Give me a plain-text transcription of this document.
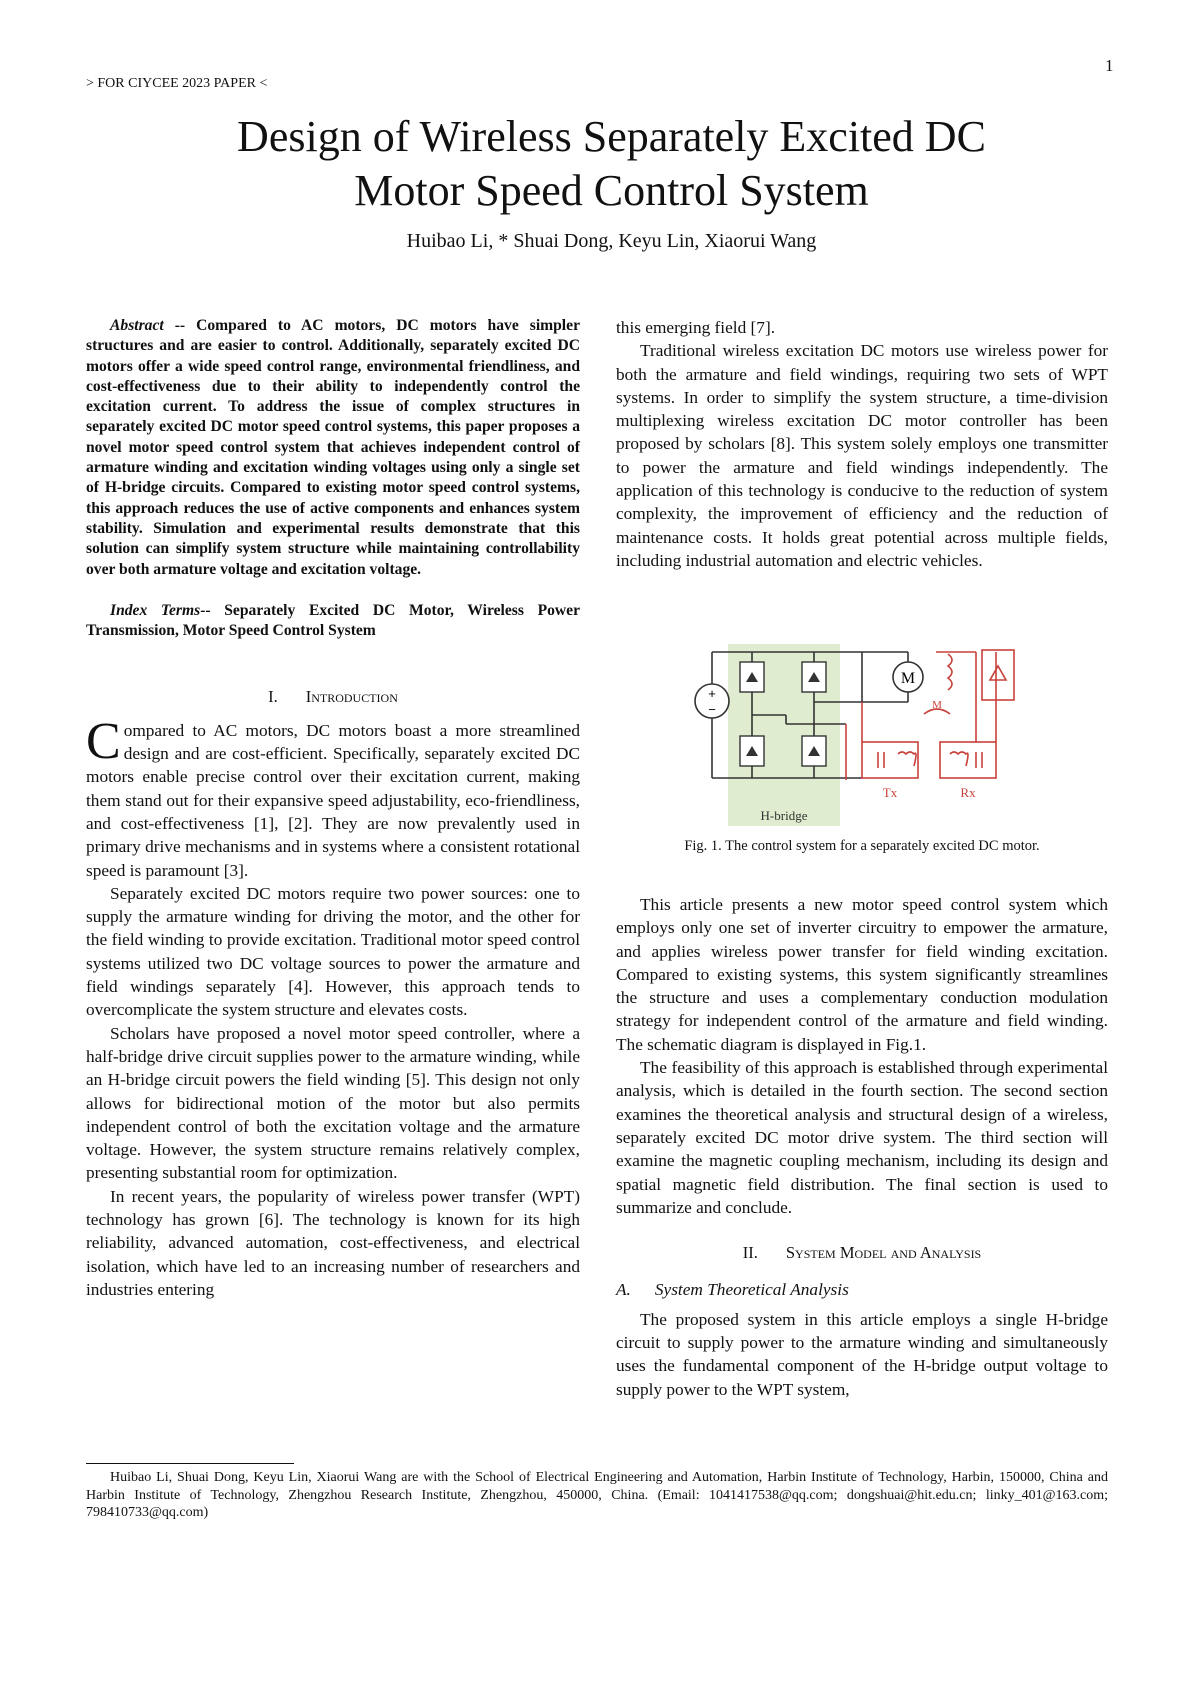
1
> FOR CIYCEE 2023 PAPER <
Design of Wireless Separately Excited DC
Motor Speed Control System
Huibao Li, * Shuai Dong, Keyu Lin, Xiaorui Wang

Abstract -- Compared to AC motors, DC motors have simpler structures and are easier to control. Additionally, separately excited DC motors offer a wide speed control range, environmental friendliness, and cost-effectiveness due to their ability to independently control the excitation current. To address the issue of complex structures in separately excited DC motor speed control systems, this paper proposes a novel motor speed control system that achieves independent control of armature winding and excitation winding voltages using only a single set of H-bridge circuits. Compared to existing motor speed control systems, this approach reduces the use of active components and enhances system stability. Simulation and experimental results demonstrate that this solution can simplify system structure while maintaining controllability over both armature voltage and excitation voltage.

Index Terms-- Separately Excited DC Motor, Wireless Power Transmission, Motor Speed Control System

I. Introduction

Compared to AC motors, DC motors boast a more streamlined design and are cost-efficient. Specifically, separately excited DC motors enable precise control over their excitation current, making them stand out for their expansive speed adjustability, eco-friendliness, and cost-effectiveness [1], [2]. They are now prevalently used in primary drive mechanisms and in systems where a consistent rotational speed is paramount [3].

Separately excited DC motors require two power sources: one to supply the armature winding for driving the motor, and the other for the field winding to provide excitation. Traditional motor speed control systems utilized two DC voltage sources to power the armature and field windings separately [4]. However, this approach tends to overcomplicate the system structure and elevates costs.

Scholars have proposed a novel motor speed controller, where a half-bridge drive circuit supplies power to the armature winding, while an H-bridge circuit powers the field winding [5]. This design not only allows for bidirectional motion of the motor but also permits independent control of both the excitation voltage and the armature voltage. However, the system structure remains relatively complex, presenting substantial room for optimization.

In recent years, the popularity of wireless power transfer (WPT) technology has grown [6]. The technology is known for its high reliability, advanced automation, cost-effectiveness, and electrical isolation, which have led to an increasing number of researchers and industries entering

this emerging field [7].

Traditional wireless excitation DC motors use wireless power for both the armature and field windings, requiring two sets of WPT systems. In order to simplify the system structure, a time-division multiplexing wireless excitation DC motor controller has been proposed by scholars [8]. This system solely employs one transmitter to power the armature and field windings independently. The application of this technology is conducive to the reduction of system complexity, the improvement of efficiency and the reduction of maintenance costs. It holds great potential across multiple fields, including industrial automation and electric vehicles.

+
−
M
M
H-bridge
Tx	Rx
Fig. 1. The control system for a separately excited DC motor.

This article presents a new motor speed control system which employs only one set of inverter circuitry to empower the armature, and applies wireless power transfer for field winding excitation. Compared to existing systems, this system significantly streamlines the structure and uses a complementary conduction modulation strategy for independent control of the armature and field winding. The schematic diagram is displayed in Fig.1.

The feasibility of this approach is established through experimental analysis, which is detailed in the fourth section. The second section examines the theoretical analysis and structural design of a wireless, separately excited DC motor drive system. The third section will examine the magnetic coupling mechanism, including its design and spatial magnetic field distribution. The final section is used to summarize and conclude.

II. System Model and Analysis

A. System Theoretical Analysis

The proposed system in this article employs a single H-bridge circuit to supply power to the armature winding and simultaneously uses the fundamental component of the H-bridge output voltage to supply power to the WPT system,

Huibao Li, Shuai Dong, Keyu Lin, Xiaorui Wang are with the School of Electrical Engineering and Automation, Harbin Institute of Technology, Harbin, 150000, China and Harbin Institute of Technology, Zhengzhou Research Institute, Zhengzhou, 450000, China. (Email: 1041417538@qq.com; dongshuai@hit.edu.cn; linky_401@163.com; 798410733@qq.com)
